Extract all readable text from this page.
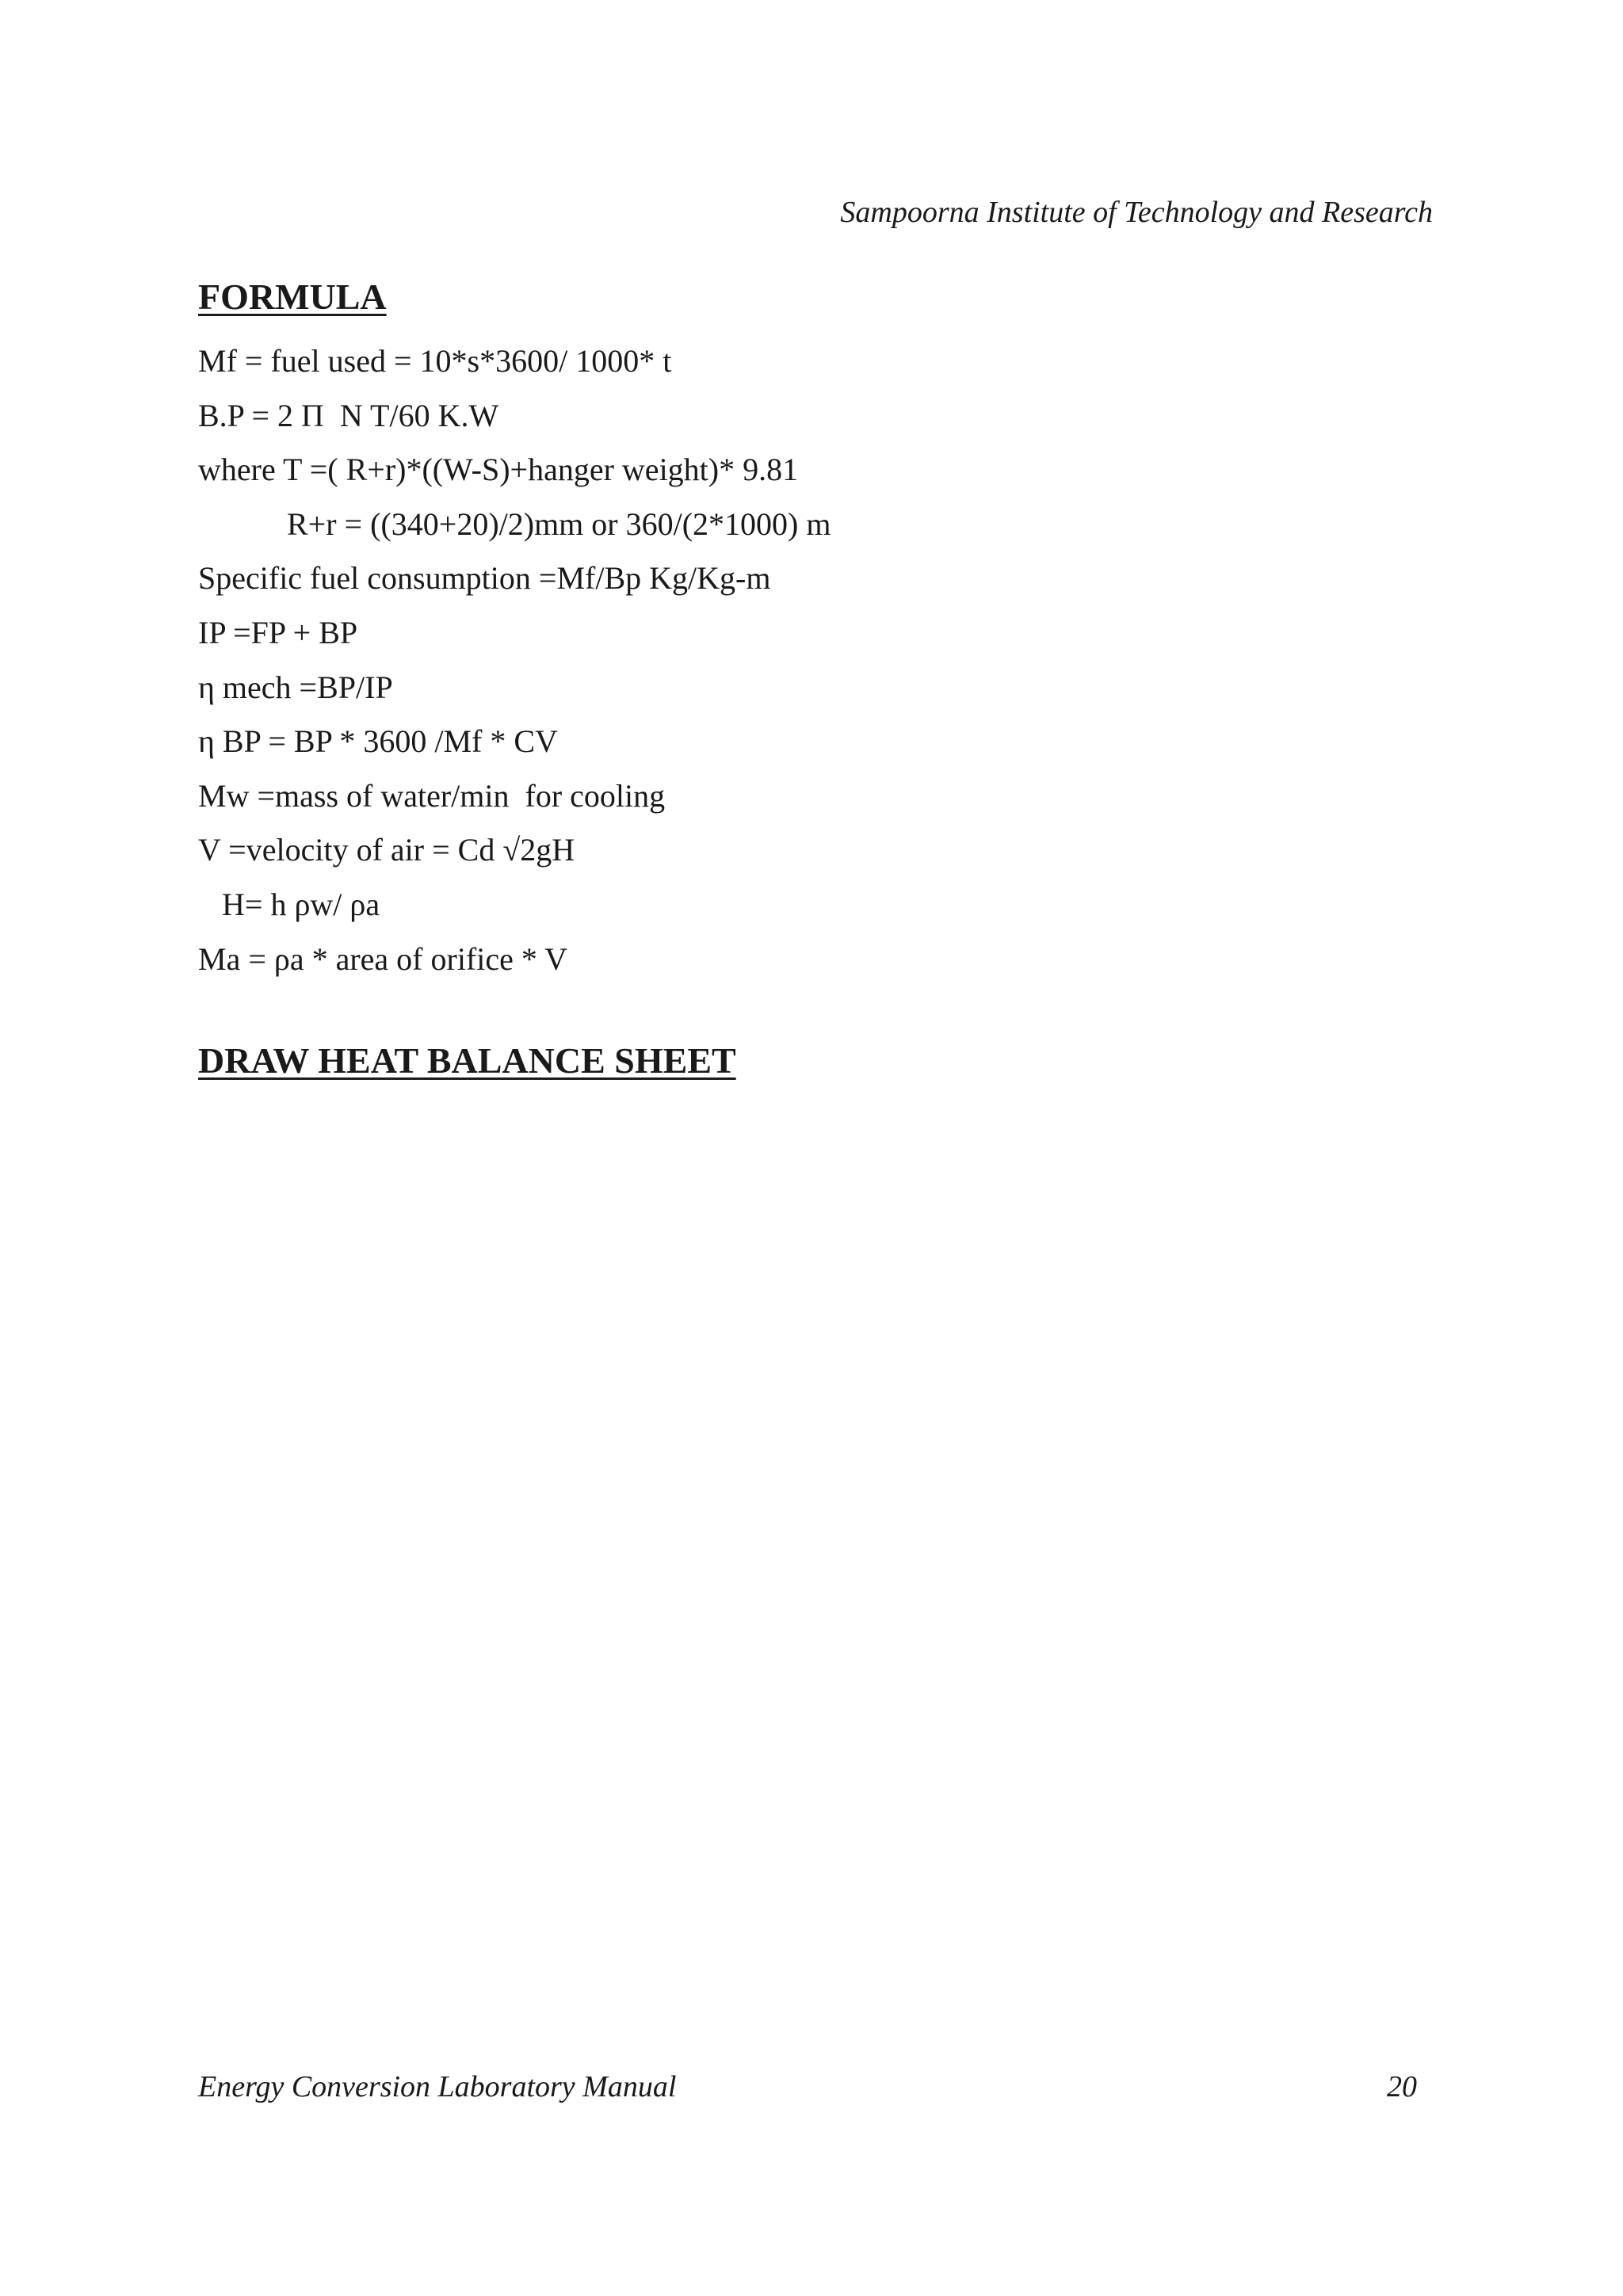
Sampoorna Institute of Technology and Research
FORMULA
Mf = fuel used = 10*s*3600/ 1000* t
B.P = 2 Π  N T/60 K.W
where T =( R+r)*((W-S)+hanger weight)* 9.81
R+r = ((340+20)/2)mm or 360/(2*1000) m
Specific fuel consumption =Mf/Bp Kg/Kg-m
IP =FP + BP
η mech =BP/IP
η BP = BP * 3600 /Mf * CV
Mw =mass of water/min  for cooling
V =velocity of air = Cd √2gH
H= h ρw/ ρa
Ma = ρa * area of orifice * V
DRAW HEAT BALANCE SHEET
Energy Conversion Laboratory Manual	20
